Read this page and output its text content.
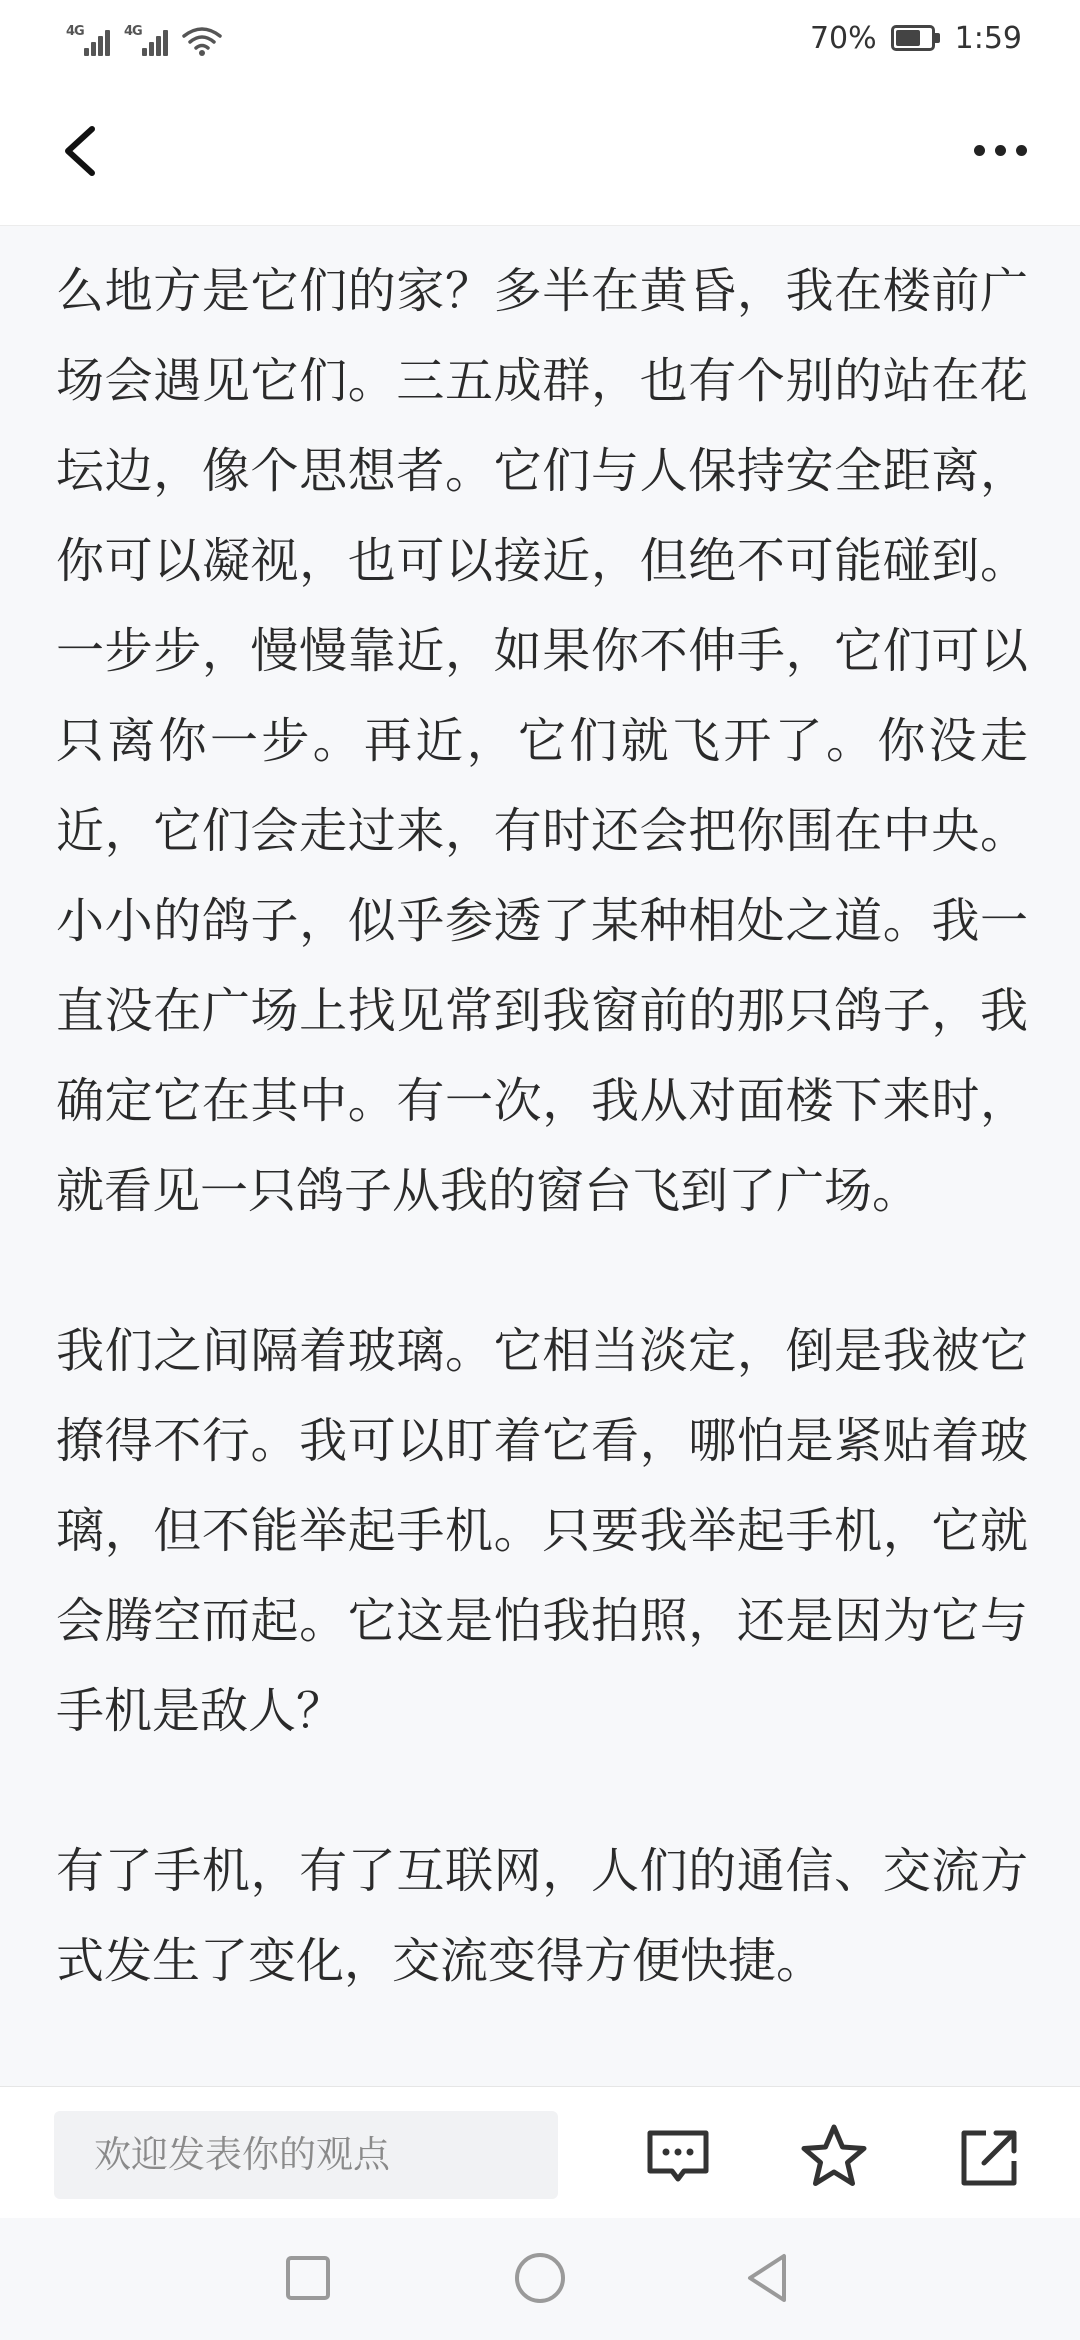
4G	4G	70%	1:59

么地方是它们的家？多半在黄昏，我在楼前广场会遇见它们。三五成群，也有个别的站在花坛边，像个思想者。它们与人保持安全距离，你可以凝视，也可以接近，但绝不可能碰到。一步步，慢慢靠近，如果你不伸手，它们可以只离你一步。再近，它们就飞开了。你没走近，它们会走过来，有时还会把你围在中央。小小的鸽子，似乎参透了某种相处之道。我一直没在广场上找见常到我窗前的那只鸽子，我确定它在其中。有一次，我从对面楼下来时，就看见一只鸽子从我的窗台飞到了广场。

我们之间隔着玻璃。它相当淡定，倒是我被它撩得不行。我可以盯着它看，哪怕是紧贴着玻璃，但不能举起手机。只要我举起手机，它就会腾空而起。它这是怕我拍照，还是因为它与手机是敌人？

有了手机，有了互联网，人们的通信、交流方式发生了变化，交流变得方便快捷。

欢迎发表你的观点
